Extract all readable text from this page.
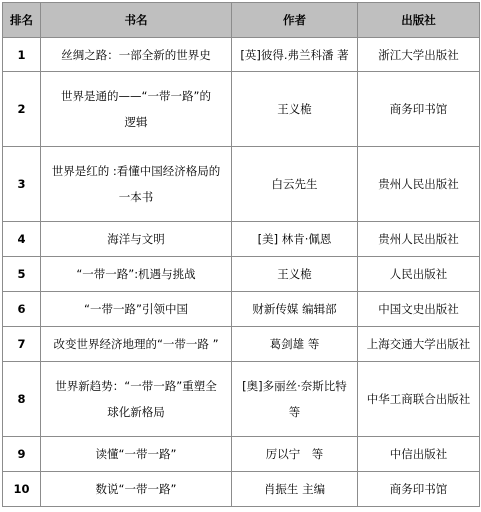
排名	书名	作者	出版社
1	丝绸之路：一部全新的世界史	[英]彼得.弗兰科潘 著	浙江大学出版社

2	世界是通的——“一带一路”的
逻辑	王义桅	商务印书馆

3	世界是红的 :看懂中国经济格局的
一本书	白云先生	贵州人民出版社

4	海洋与文明	[美] 林肯·佩恩	贵州人民出版社

5	“一带一路”:机遇与挑战	王义桅	人民出版社

6	“一带一路”引领中国	财新传媒 编辑部	中国文史出版社

7	改变世界经济地理的“一带一路 ”	葛剑雄 等	上海交通大学出版社

8	世界新趋势：“一带一路”重塑全
球化新格局	[奥]多丽丝·奈斯比特
等	中华工商联合出版社

9	读懂“一带一路”	厉以宁　等	中信出版社

10	数说“一带一路”	肖振生 主编	商务印书馆
